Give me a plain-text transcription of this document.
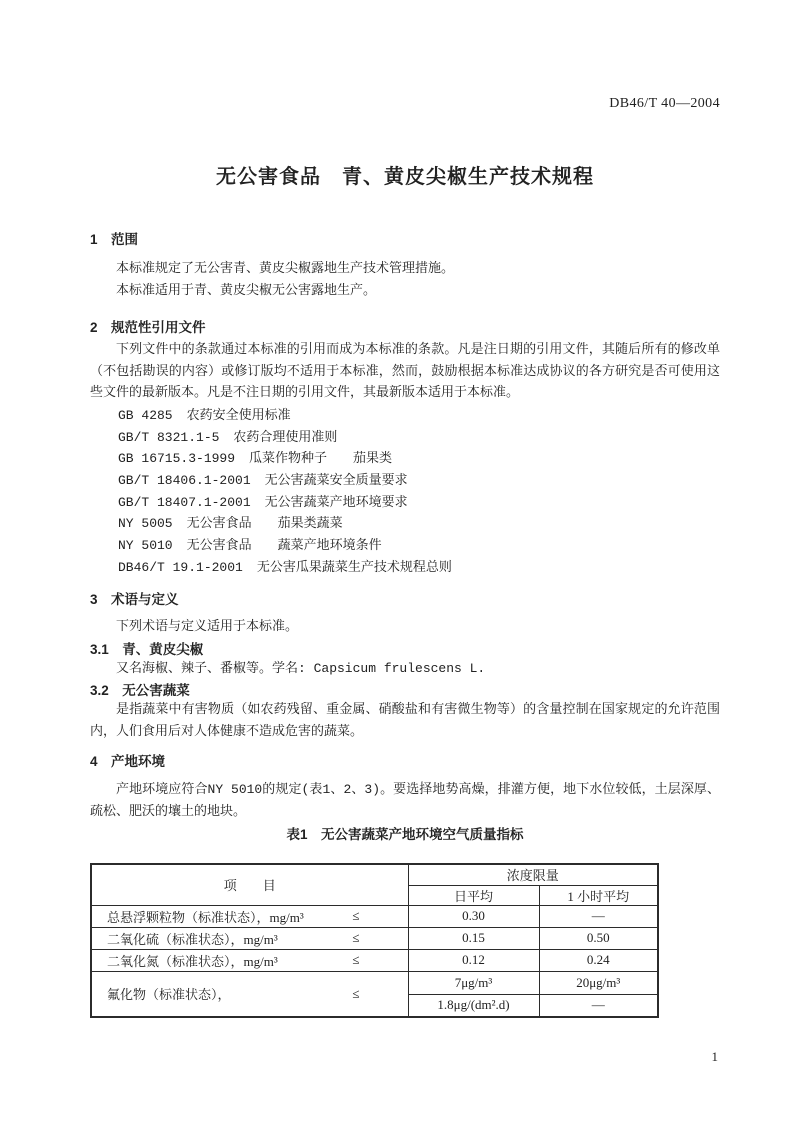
DB46/T 40—2004
无公害食品　青、黄皮尖椒生产技术规程
1　范围
本标准规定了无公害青、黄皮尖椒露地生产技术管理措施。
本标准适用于青、黄皮尖椒无公害露地生产。
2　规范性引用文件
下列文件中的条款通过本标准的引用而成为本标准的条款。凡是注日期的引用文件，其随后所有的修改单（不包括勘误的内容）或修订版均不适用于本标准，然而，鼓励根据本标准达成协议的各方研究是否可使用这些文件的最新版本。凡是不注日期的引用文件，其最新版本适用于本标准。
GB 4285 农药安全使用标准
GB/T 8321.1-5 农药合理使用准则
GB 16715.3-1999 瓜菜作物种子　　茄果类
GB/T 18406.1-2001 无公害蔬菜安全质量要求
GB/T 18407.1-2001 无公害蔬菜产地环境要求
NY 5005 无公害食品　　茄果类蔬菜
NY 5010 无公害食品　　蔬菜产地环境条件
DB46/T 19.1-2001 无公害瓜果蔬菜生产技术规程总则
3　术语与定义
下列术语与定义适用于本标准。
3.1　青、黄皮尖椒
又名海椒、辣子、番椒等。学名: Capsicum frulescens L.
3.2　无公害蔬菜
是指蔬菜中有害物质（如农药残留、重金属、硝酸盐和有害微生物等）的含量控制在国家规定的允许范围内，人们食用后对人体健康不造成危害的蔬菜。
4　产地环境
产地环境应符合NY 5010的规定(表1、2、3)。要选择地势高燥，排灌方便，地下水位较低，土层深厚、疏松、肥沃的壤土的地块。
表1　无公害蔬菜产地环境空气质量指标
项　　目	浓度限量	
	日平均	1 小时平均

总悬浮颗粒物（标准状态），mg/m³ ≤	0.30	—

二氧化硫（标准状态），mg/m³ ≤	0.15	0.50

二氧化氮（标准状态），mg/m³ ≤	0.12	0.24

氟化物（标准状态）， ≤	7μg/m³	20μg/m³
	1.8μg/(dm².d)	—
1
